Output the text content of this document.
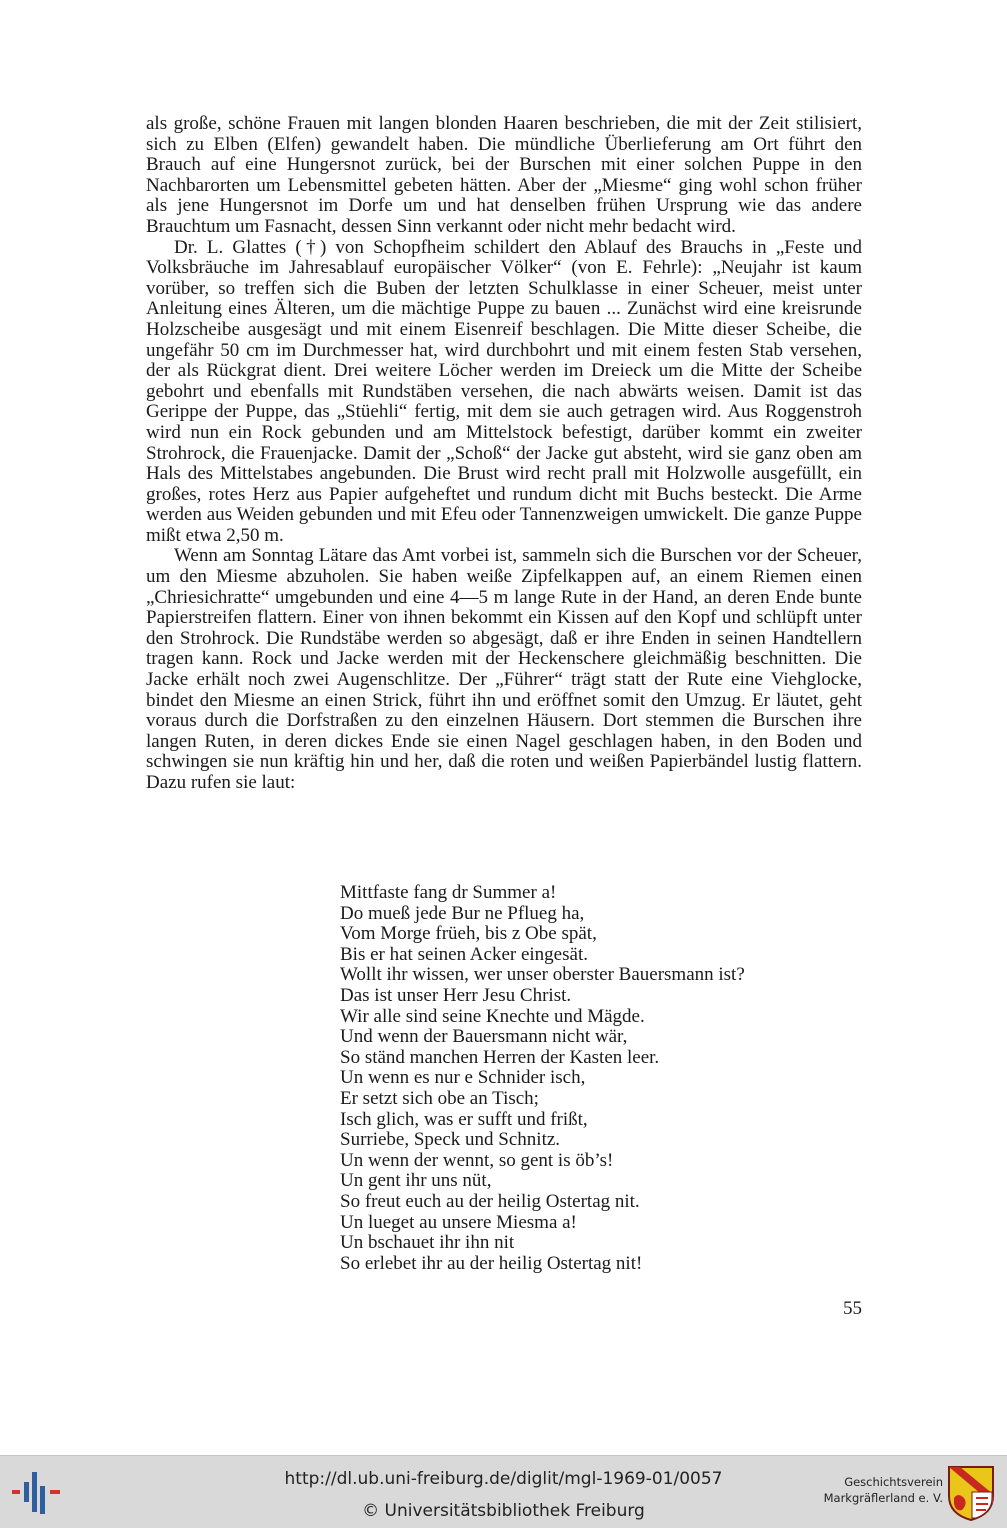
als große, schöne Frauen mit langen blonden Haaren beschrieben, die mit der Zeit stilisiert, sich zu Elben (Elfen) gewandelt haben. Die mündliche Überlieferung am Ort führt den Brauch auf eine Hungersnot zurück, bei der Burschen mit einer solchen Puppe in den Nachbarorten um Lebensmittel gebeten hätten. Aber der „Miesme“ ging wohl schon früher als jene Hungersnot im Dorfe um und hat denselben frühen Ursprung wie das andere Brauchtum um Fasnacht, dessen Sinn verkannt oder nicht mehr bedacht wird.

Dr. L. Glattes (†) von Schopfheim schildert den Ablauf des Brauchs in „Feste und Volksbräuche im Jahresablauf europäischer Völker“ (von E. Fehrle): „Neujahr ist kaum vorüber, so treffen sich die Buben der letzten Schulklasse in einer Scheuer, meist unter Anleitung eines Älteren, um die mächtige Puppe zu bauen ... Zunächst wird eine kreisrunde Holzscheibe ausgesägt und mit einem Eisenreif beschlagen. Die Mitte dieser Scheibe, die ungefähr 50 cm im Durchmesser hat, wird durchbohrt und mit einem festen Stab versehen, der als Rückgrat dient. Drei weitere Löcher werden im Dreieck um die Mitte der Scheibe gebohrt und ebenfalls mit Rundstäben versehen, die nach abwärts weisen. Damit ist das Gerippe der Puppe, das „Stüehli“ fertig, mit dem sie auch getragen wird. Aus Roggenstroh wird nun ein Rock gebunden und am Mittelstock befestigt, darüber kommt ein zweiter Strohrock, die Frauenjacke. Damit der „Schoß“ der Jacke gut absteht, wird sie ganz oben am Hals des Mittelstabes angebunden. Die Brust wird recht prall mit Holzwolle ausgefüllt, ein großes, rotes Herz aus Papier aufgeheftet und rundum dicht mit Buchs besteckt. Die Arme werden aus Weiden gebunden und mit Efeu oder Tannenzweigen umwickelt. Die ganze Puppe mißt etwa 2,50 m.

Wenn am Sonntag Lätare das Amt vorbei ist, sammeln sich die Burschen vor der Scheuer, um den Miesme abzuholen. Sie haben weiße Zipfelkappen auf, an einem Riemen einen „Chriesichratte“ umgebunden und eine 4—5 m lange Rute in der Hand, an deren Ende bunte Papierstreifen flattern. Einer von ihnen bekommt ein Kissen auf den Kopf und schlüpft unter den Strohrock. Die Rundstäbe werden so abgesägt, daß er ihre Enden in seinen Handtellern tragen kann. Rock und Jacke werden mit der Heckenschere gleichmäßig beschnitten. Die Jacke erhält noch zwei Augenschlitze. Der „Führer“ trägt statt der Rute eine Viehglocke, bindet den Miesme an einen Strick, führt ihn und eröffnet somit den Umzug. Er läutet, geht voraus durch die Dorfstraßen zu den einzelnen Häusern. Dort stemmen die Burschen ihre langen Ruten, in deren dickes Ende sie einen Nagel geschlagen haben, in den Boden und schwingen sie nun kräftig hin und her, daß die roten und weißen Papierbändel lustig flattern. Dazu rufen sie laut:

Mittfaste fang dr Summer a!
Do mueß jede Bur ne Pflueg ha,
Vom Morge früeh, bis z Obe spät,
Bis er hat seinen Acker eingesät.
Wollt ihr wissen, wer unser oberster Bauersmann ist?
Das ist unser Herr Jesu Christ.
Wir alle sind seine Knechte und Mägde.
Und wenn der Bauersmann nicht wär,
So ständ manchen Herren der Kasten leer.
Un wenn es nur e Schnider isch,
Er setzt sich obe an Tisch;
Isch glich, was er sufft und frißt,
Surriebe, Speck und Schnitz.
Un wenn der wennt, so gent is öb’s!
Un gent ihr uns nüt,
So freut euch au der heilig Ostertag nit.
Un lueget au unsere Miesma a!
Un bschauet ihr ihn nit
So erlebet ihr au der heilig Ostertag nit!
55
http://dl.ub.uni-freiburg.de/diglit/mgl-1969-01/0057
© Universitätsbibliothek Freiburg
Geschichtsverein
Markgräflerland e. V.
